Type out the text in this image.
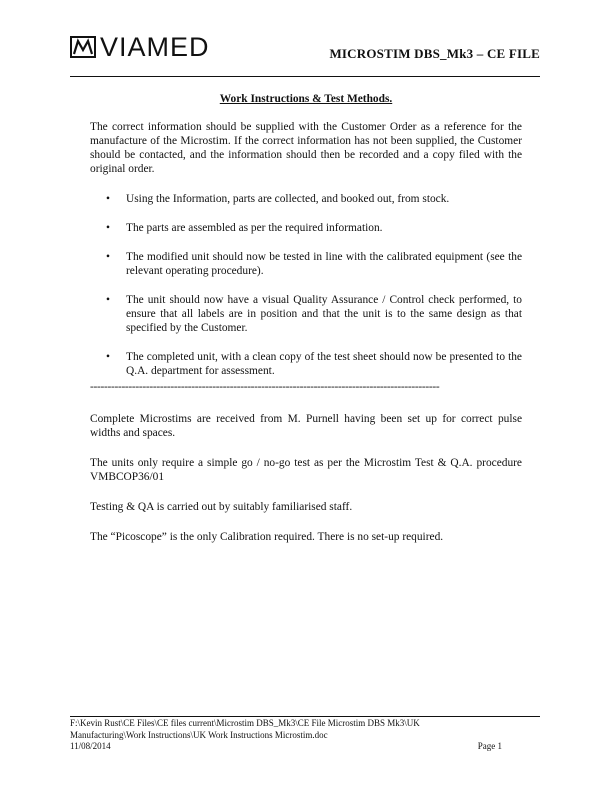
VIAMED	MICROSTIM DBS_Mk3 – CE FILE

Work Instructions & Test Methods.

The correct information should be supplied with the Customer Order as a reference for the manufacture of the Microstim. If the correct information has not been supplied, the Customer should be contacted, and the information should then be recorded and a copy filed with the original order.

• Using the Information, parts are collected, and booked out, from stock.
• The parts are assembled as per the required information.
• The modified unit should now be tested in line with the calibrated equipment (see the relevant operating procedure).
• The unit should now have a visual Quality Assurance / Control check performed, to ensure that all labels are in position and that the unit is to the same design as that specified by the Customer.
• The completed unit, with a clean copy of the test sheet should now be presented to the Q.A. department for assessment.
----------------------------------------------------------------------------------------------------

Complete Microstims are received from M. Purnell having been set up for correct pulse widths and spaces.

The units only require a simple go / no-go test as per the Microstim Test & Q.A. procedure VMBCOP36/01

Testing & QA is carried out by suitably familiarised staff.

The “Picoscope” is the only Calibration required. There is no set-up required.

F:\Kevin Rust\CE Files\CE files current\Microstim DBS_Mk3\CE File Microstim DBS Mk3\UK Manufacturing\Work Instructions\UK Work Instructions Microstim.doc
11/08/2014	Page 1
